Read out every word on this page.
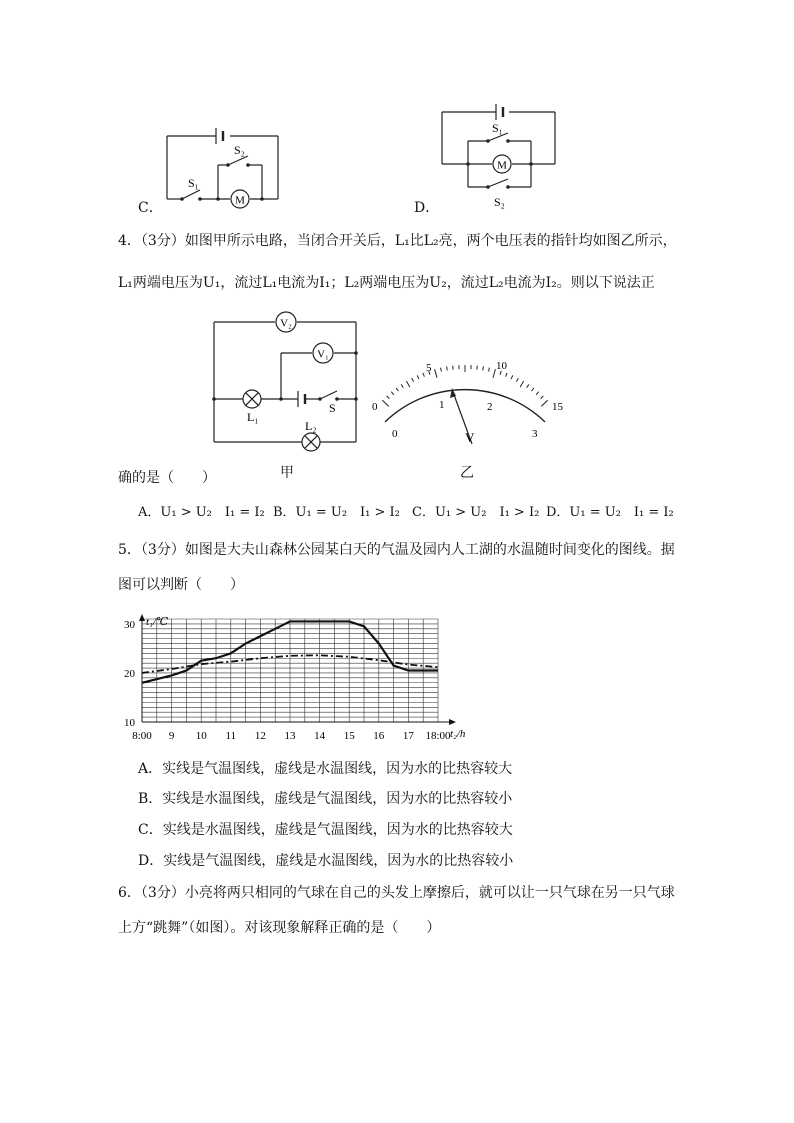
M
S₁
S₂
C．
M
S₁
S₂
D．
4．（3分）如图甲所示电路，当闭合开关后，L₁比L₂亮，两个电压表的指针均如图乙所示，
L₁两端电压为U₁，流过L₁电流为I₁；L₂两端电压为U₂，流过L₂电流为I₂。则以下说法正
V₂
V₁
L₁
L₂
S
甲
0
5	10
15
0
1	2
3
V
乙
确的是（　　）
A．U₁ > U₂　I₁ = I₂ B．U₁ = U₂　I₁ > I₂ C．U₁ > U₂　I₁ > I₂ D．U₁ = U₂　I₁ = I₂
5．（3分）如图是大夫山森林公园某白天的气温及园内人工湖的水温随时间变化的图线。据
图可以判断（　　）
10
20
30
8:00 9 10 11 12 13 14 15 16 17 18:00
t₁/℃
t₂/h
A．实线是气温图线，虚线是水温图线，因为水的比热容较大
B．实线是水温图线，虚线是气温图线，因为水的比热容较小
C．实线是水温图线，虚线是气温图线，因为水的比热容较大
D．实线是气温图线，虚线是水温图线，因为水的比热容较小
6．（3分）小亮将两只相同的气球在自己的头发上摩擦后，就可以让一只气球在另一只气球
上方“跳舞”（如图）。对该现象解释正确的是（　　）
